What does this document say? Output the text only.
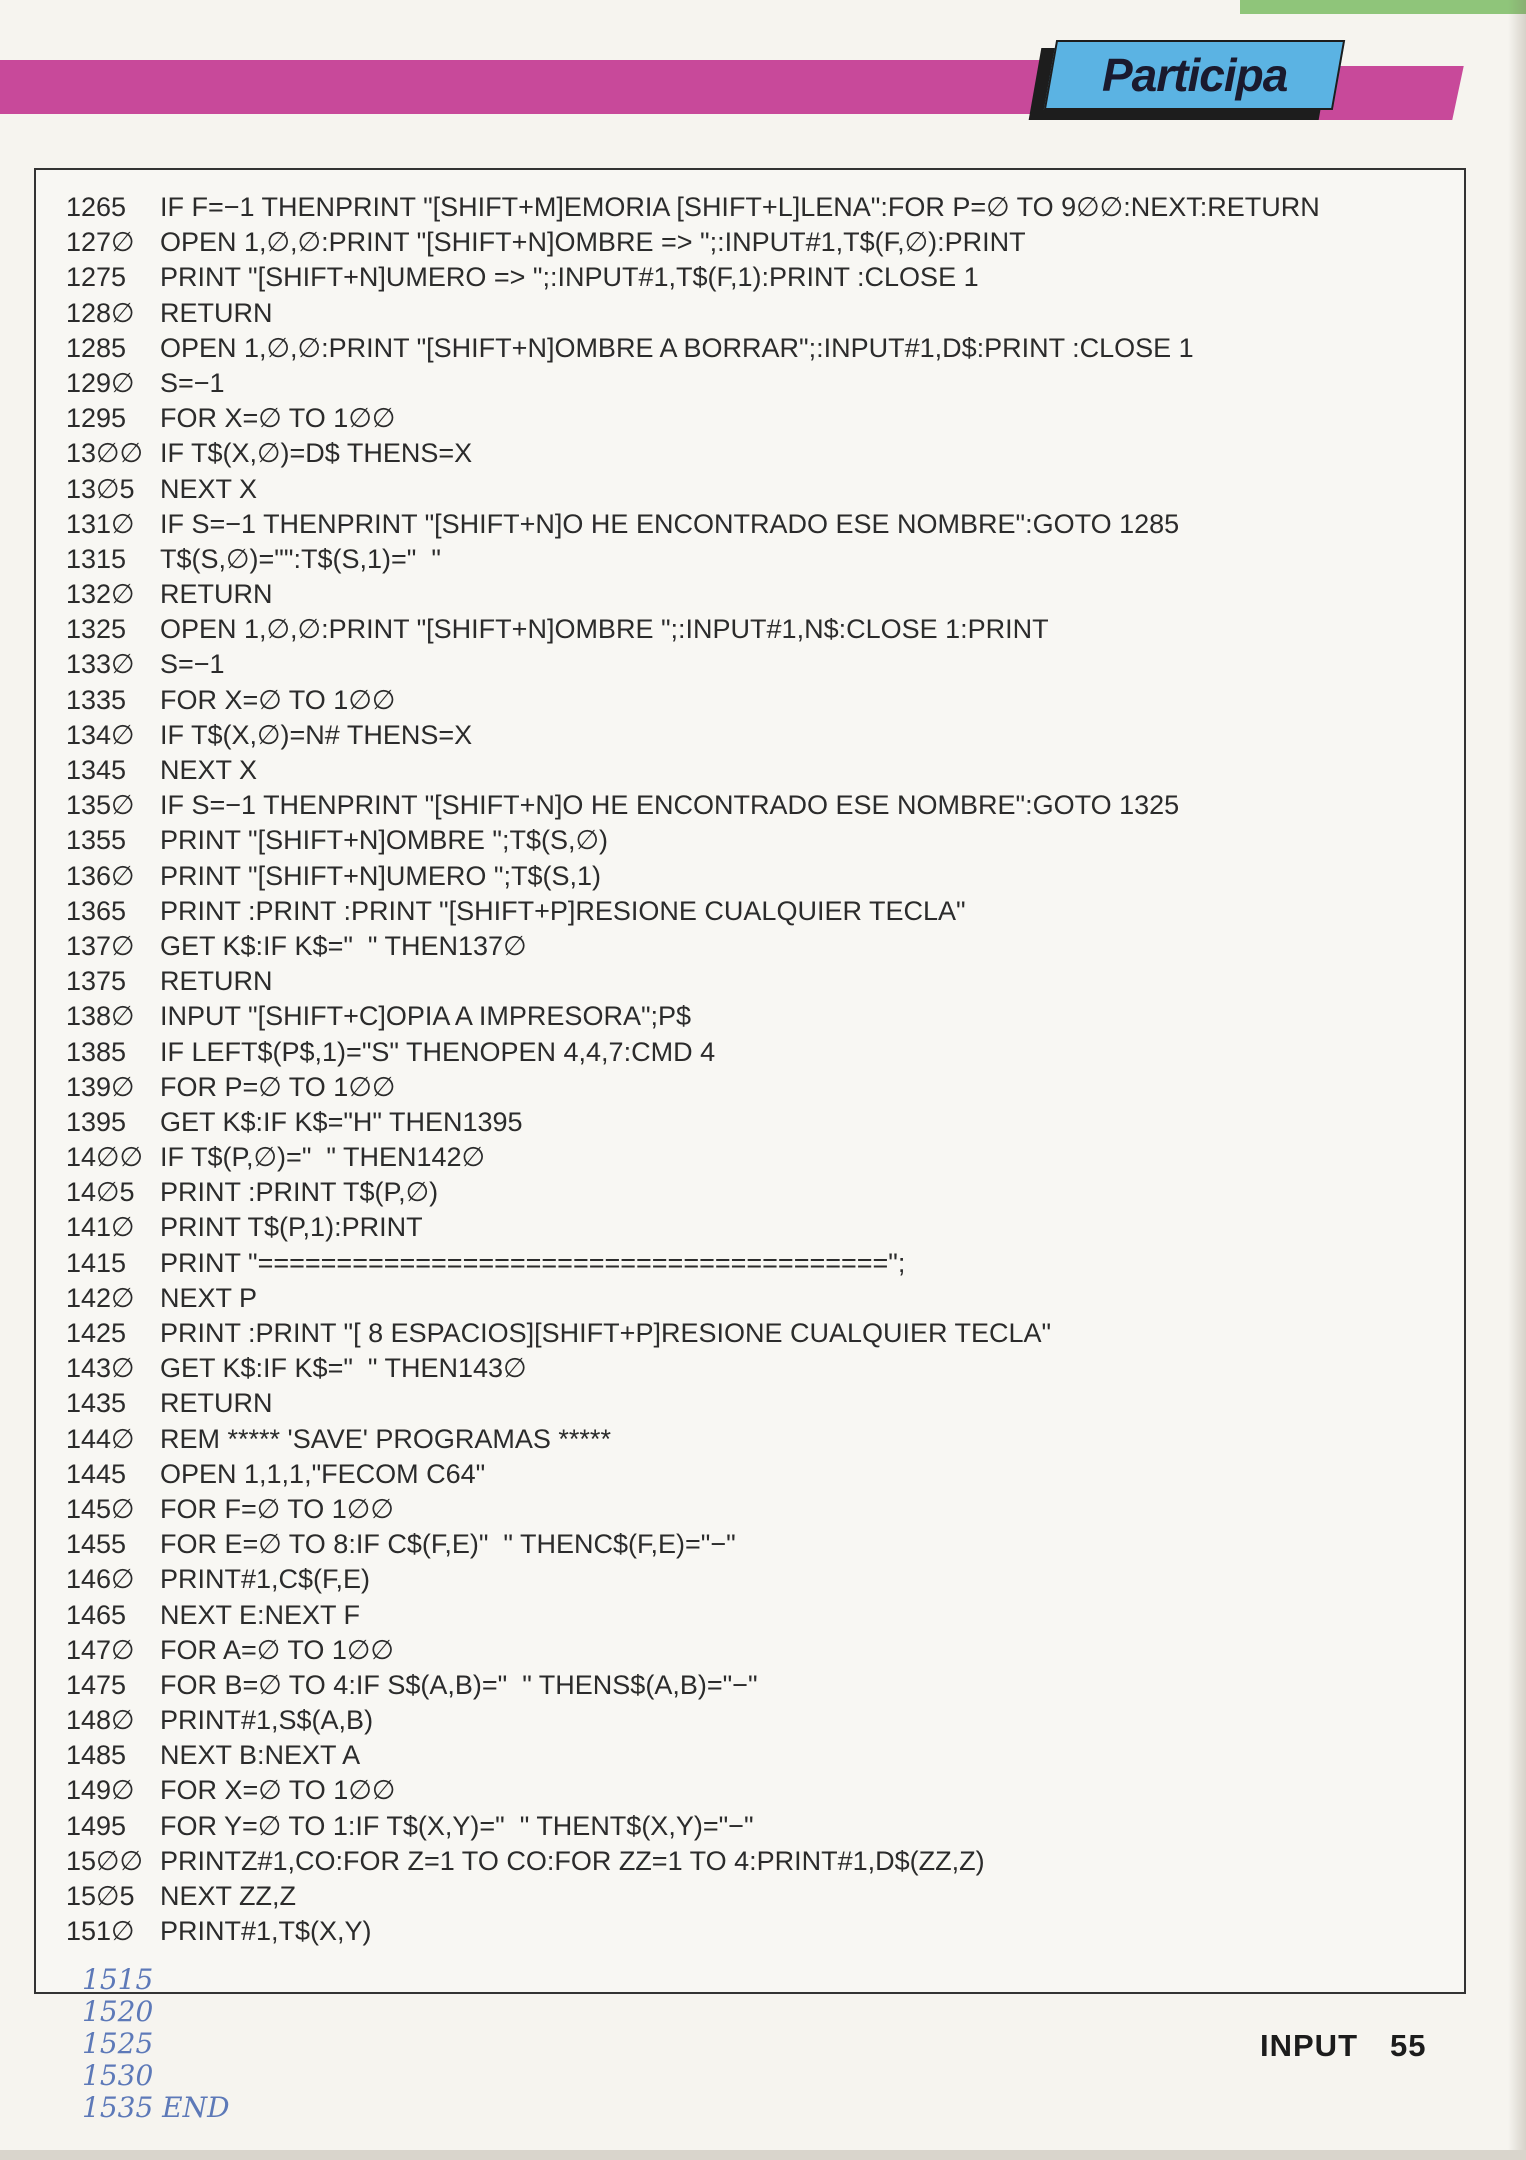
Participa
1265 IF F=−1 THENPRINT "[SHIFT+M]EMORIA [SHIFT+L]LENA":FOR P=∅ TO 9∅∅:NEXT:RETURN
127∅ OPEN 1,∅,∅:PRINT "[SHIFT+N]OMBRE => ";:INPUT#1,T$(F,∅):PRINT
1275 PRINT "[SHIFT+N]UMERO => ";:INPUT#1,T$(F,1):PRINT :CLOSE 1
128∅ RETURN
1285 OPEN 1,∅,∅:PRINT "[SHIFT+N]OMBRE A BORRAR";:INPUT#1,D$:PRINT :CLOSE 1
129∅ S=−1
1295 FOR X=∅ TO 1∅∅
13∅∅ IF T$(X,∅)=D$ THENS=X
13∅5 NEXT X
131∅ IF S=−1 THENPRINT "[SHIFT+N]O HE ENCONTRADO ESE NOMBRE":GOTO 1285
1315 T$(S,∅)="":T$(S,1)="  "
132∅ RETURN
1325 OPEN 1,∅,∅:PRINT "[SHIFT+N]OMBRE ";:INPUT#1,N$:CLOSE 1:PRINT
133∅ S=−1
1335 FOR X=∅ TO 1∅∅
134∅ IF T$(X,∅)=N# THENS=X
1345 NEXT X
135∅ IF S=−1 THENPRINT "[SHIFT+N]O HE ENCONTRADO ESE NOMBRE":GOTO 1325
1355 PRINT "[SHIFT+N]OMBRE ";T$(S,∅)
136∅ PRINT "[SHIFT+N]UMERO ";T$(S,1)
1365 PRINT :PRINT :PRINT "[SHIFT+P]RESIONE CUALQUIER TECLA"
137∅ GET K$:IF K$="  " THEN137∅
1375 RETURN
138∅ INPUT "[SHIFT+C]OPIA A IMPRESORA";P$
1385 IF LEFT$(P$,1)="S" THENOPEN 4,4,7:CMD 4
139∅ FOR P=∅ TO 1∅∅
1395 GET K$:IF K$="H" THEN1395
14∅∅ IF T$(P,∅)="  " THEN142∅
14∅5 PRINT :PRINT T$(P,∅)
141∅ PRINT T$(P,1):PRINT
1415 PRINT "========================================";
142∅ NEXT P
1425 PRINT :PRINT "[ 8 ESPACIOS][SHIFT+P]RESIONE CUALQUIER TECLA"
143∅ GET K$:IF K$="  " THEN143∅
1435 RETURN
144∅ REM ***** 'SAVE' PROGRAMAS *****
1445 OPEN 1,1,1,"FECOM C64"
145∅ FOR F=∅ TO 1∅∅
1455 FOR E=∅ TO 8:IF C$(F,E)"  " THENC$(F,E)="−"
146∅ PRINT#1,C$(F,E)
1465 NEXT E:NEXT F
147∅ FOR A=∅ TO 1∅∅
1475 FOR B=∅ TO 4:IF S$(A,B)="  " THENS$(A,B)="−"
148∅ PRINT#1,S$(A,B)
1485 NEXT B:NEXT A
149∅ FOR X=∅ TO 1∅∅
1495 FOR Y=∅ TO 1:IF T$(X,Y)="  " THENT$(X,Y)="−"
15∅∅ PRINTZ#1,CO:FOR Z=1 TO CO:FOR ZZ=1 TO 4:PRINT#1,D$(ZZ,Z)
15∅5 NEXT ZZ,Z
151∅ PRINT#1,T$(X,Y)
1515
1520
1525
1530
1535 END
INPUT 55
